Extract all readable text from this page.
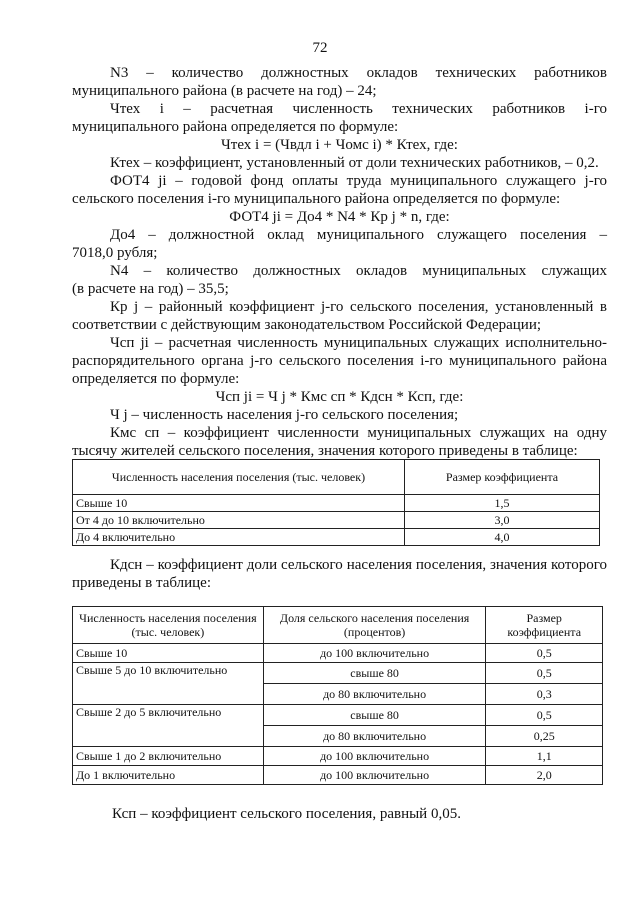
72

N3 – количество должностных окладов технических работников

муниципального района (в расчете на год) – 24;

Чтех i – расчетная численность технических работников i-го

муниципального района определяется по формуле:

Чтех i = (Чвдл i + Чомс i) * Ктех, где:

Ктех – коэффициент, установленный от доли технических работников, – 0,2.

ФОТ4 ji – годовой фонд оплаты труда муниципального служащего j-го сельского поселения i-го муниципального района определяется по формуле:

ФОТ4 ji = До4 * N4 * Кр j * n, где:

До4 – должностной оклад муниципального служащего поселения –

7018,0 рубля;

N4 – количество должностных окладов муниципальных служащих

(в расчете на год) – 35,5;

Кр j – районный коэффициент j-го сельского поселения, установленный в соответствии с действующим законодательством Российской Федерации;

Чсп ji – расчетная численность муниципальных служащих исполнительно-распорядительного органа j-го сельского поселения i-го муниципального района определяется по формуле:

Чсп ji = Ч j * Кмс сп * Кдсн * Ксп, где:

Ч j – численность населения j-го сельского поселения;

Кмс сп – коэффициент численности муниципальных служащих на одну тысячу жителей сельского поселения, значения которого приведены в таблице:

Численность населения поселения (тыс. человек)	Размер коэффициента
Свыше 10	1,5
От 4 до 10 включительно	3,0
До 4 включительно	4,0

Кдсн – коэффициент доли сельского населения поселения, значения которого приведены в таблице:

Численность населения поселения (тыс. человек)	Доля сельского населения поселения (процентов)	Размер коэффициента
Свыше 10	до 100 включительно	0,5
Свыше 5 до 10 включительно	свыше 80	0,5
	до 80 включительно	0,3
Свыше 2 до 5 включительно	свыше 80	0,5
	до 80 включительно	0,25
Свыше 1 до 2 включительно	до 100 включительно	1,1
До 1 включительно	до 100 включительно	2,0
Ксп – коэффициент сельского поселения, равный 0,05.
